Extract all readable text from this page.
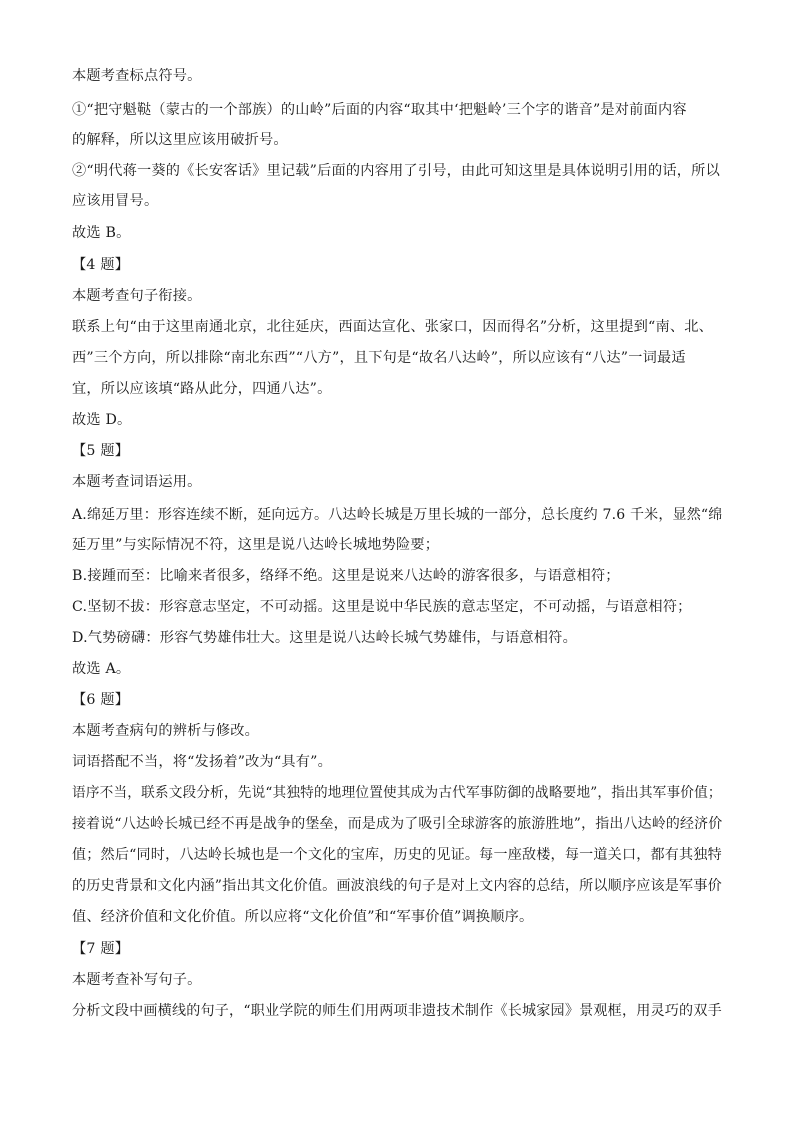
本题考查标点符号。
①“把守魁鞑（蒙古的一个部族）的山岭”后面的内容“取其中‘把魁岭’三个字的谐音”是对前面内容
的解释，所以这里应该用破折号。
②“明代蒋一葵的《长安客话》里记载”后面的内容用了引号，由此可知这里是具体说明引用的话，所以
应该用冒号。
故选 B。
【4 题】
本题考查句子衔接。
联系上句“由于这里南通北京，北往延庆，西面达宣化、张家口，因而得名”分析，这里提到“南、北、
西”三个方向，所以排除“南北东西”“八方”，且下句是“故名八达岭”，所以应该有“八达”一词最适
宜，所以应该填“路从此分，四通八达”。
故选 D。
【5 题】
本题考查词语运用。
A.绵延万里：形容连续不断，延向远方。八达岭长城是万里长城的一部分，总长度约 7.6 千米，显然“绵
延万里”与实际情况不符，这里是说八达岭长城地势险要；
B.接踵而至：比喻来者很多，络绎不绝。这里是说来八达岭的游客很多，与语意相符；
C.坚韧不拔：形容意志坚定，不可动摇。这里是说中华民族的意志坚定，不可动摇，与语意相符；
D.气势磅礴：形容气势雄伟壮大。这里是说八达岭长城气势雄伟，与语意相符。
故选 A。
【6 题】
本题考查病句的辨析与修改。
词语搭配不当，将“发扬着”改为“具有”。
语序不当，联系文段分析，先说“其独特的地理位置使其成为古代军事防御的战略要地”，指出其军事价值；
接着说“八达岭长城已经不再是战争的堡垒，而是成为了吸引全球游客的旅游胜地”，指出八达岭的经济价
值；然后“同时，八达岭长城也是一个文化的宝库，历史的见证。每一座敌楼，每一道关口，都有其独特
的历史背景和文化内涵”指出其文化价值。画波浪线的句子是对上文内容的总结，所以顺序应该是军事价
值、经济价值和文化价值。所以应将“文化价值”和“军事价值”调换顺序。
【7 题】
本题考查补写句子。
分析文段中画横线的句子，“职业学院的师生们用两项非遗技术制作《长城家园》景观框，用灵巧的双手
